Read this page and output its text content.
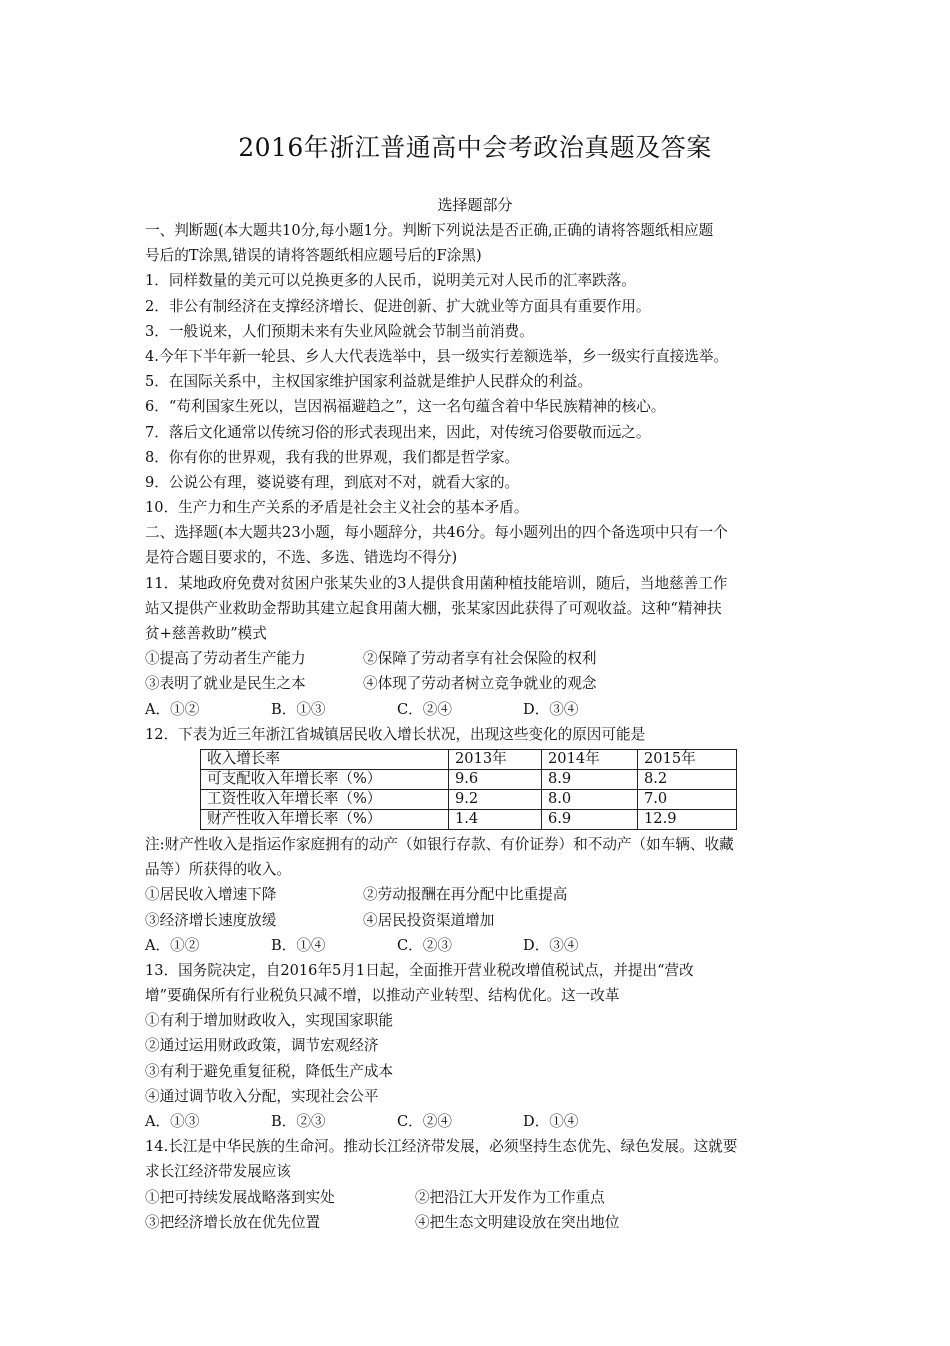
2016年浙江普通高中会考政治真题及答案
选择题部分
一、判断题(本大题共10分,每小题1分。判断下列说法是否正确,正确的请将答题纸相应题
号后的T涂黑,错误的请将答题纸相应题号后的F涂黑)
1．同样数量的美元可以兑换更多的人民币，说明美元对人民币的汇率跌落。
2．非公有制经济在支撑经济增长、促进创新、扩大就业等方面具有重要作用。
3．一般说来，人们预期未来有失业风险就会节制当前消费。
4.今年下半年新一轮县、乡人大代表选举中，县一级实行差额选举，乡一级实行直接选举。
5．在国际关系中，主权国家维护国家利益就是维护人民群众的利益。
6．“苟利国家生死以，岂因祸福避趋之”，这一名句蕴含着中华民族精神的核心。
7．落后文化通常以传统习俗的形式表现出来，因此，对传统习俗要敬而远之。
8．你有你的世界观，我有我的世界观，我们都是哲学家。
9．公说公有理，婆说婆有理，到底对不对，就看大家的。
10．生产力和生产关系的矛盾是社会主义社会的基本矛盾。
二、选择题(本大题共23小题，每小题辞分，共46分。每小题列出的四个备选项中只有一个
是符合题目要求的，不选、多选、错选均不得分)
11．某地政府免费对贫困户张某失业的3人提供食用菌种植技能培训，随后，当地慈善工作
站又提供产业救助金帮助其建立起食用菌大棚，张某家因此获得了可观收益。这种“精神扶
贫+慈善救助”模式
①提高了劳动者生产能力	②保障了劳动者享有社会保险的权利
③表明了就业是民生之本	④体现了劳动者树立竞争就业的观念
A．①②	B．①③	C．②④	D．③④
12．下表为近三年浙江省城镇居民收入增长状况，出现这些变化的原因可能是
收入增长率	2013年	2014年	2015年
可支配收入年增长率（%）	9.6	8.9	8.2
工资性收入年增长率（%）	9.2	8.0	7.0
财产性收入年增长率（%）	1.4	6.9	12.9
注:财产性收入是指运作家庭拥有的动产（如银行存款、有价证券）和不动产（如车辆、收藏
品等）所获得的收入。
①居民收入增速下降	②劳动报酬在再分配中比重提高
③经济增长速度放缓	④居民投资渠道增加
A．①②	B．①④	C．②③	D．③④
13．国务院决定，自2016年5月1日起，全面推开营业税改增值税试点，并提出“营改
增”要确保所有行业税负只减不增，以推动产业转型、结构优化。这一改革
①有利于增加财政收入，实现国家职能
②通过运用财政政策，调节宏观经济
③有利于避免重复征税，降低生产成本
④通过调节收入分配，实现社会公平
A．①③	B．②③	C．②④	D．①④
14.长江是中华民族的生命河。推动长江经济带发展，必须坚持生态优先、绿色发展。这就要
求长江经济带发展应该
①把可持续发展战略落到实处	②把沿江大开发作为工作重点
③把经济增长放在优先位置	④把生态文明建设放在突出地位
